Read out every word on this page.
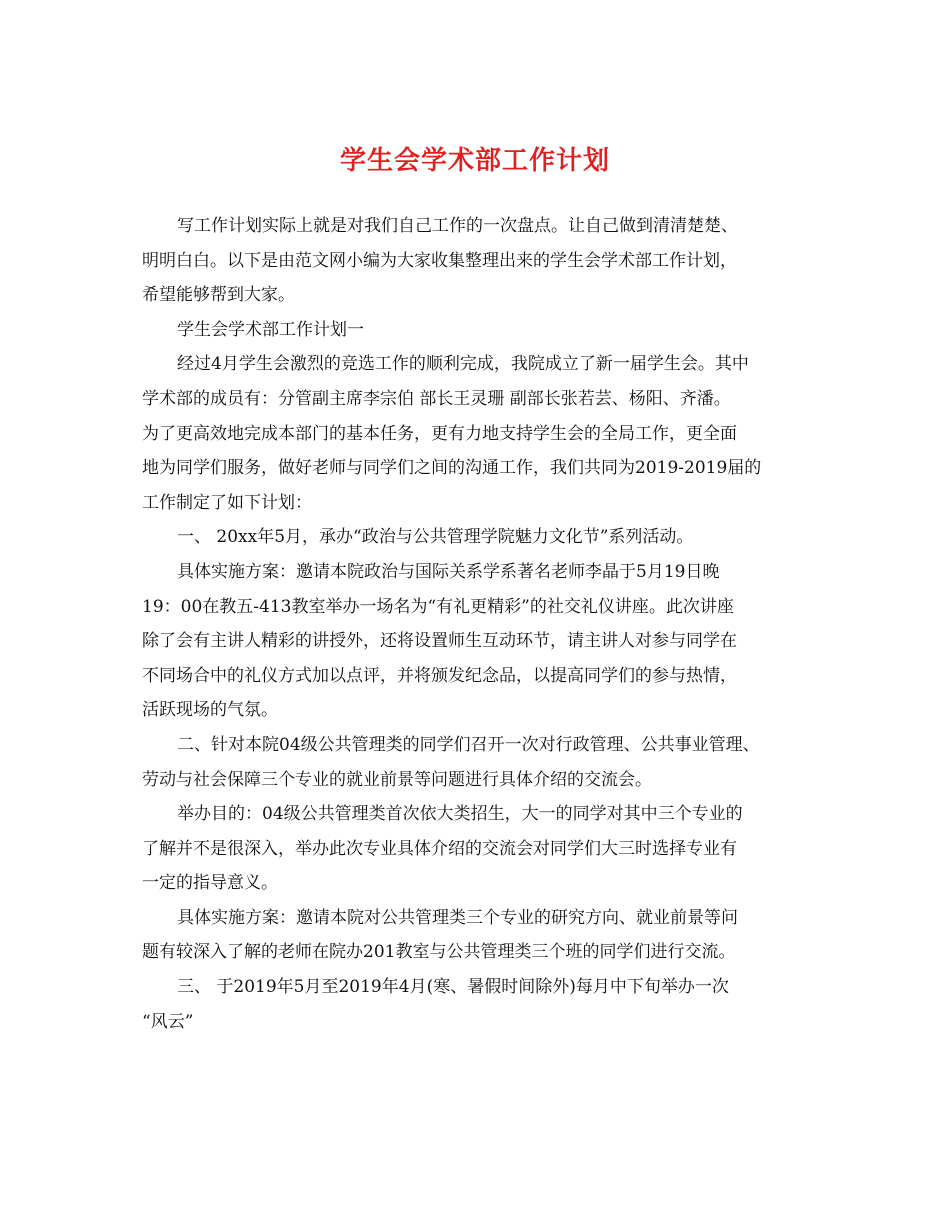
学生会学术部工作计划
写工作计划实际上就是对我们自己工作的一次盘点。让自己做到清清楚楚、
明明白白。以下是由范文网小编为大家收集整理出来的学生会学术部工作计划，
希望能够帮到大家。
学生会学术部工作计划一
经过4月学生会激烈的竞选工作的顺利完成，我院成立了新一届学生会。其中
学术部的成员有：分管副主席李宗伯 部长王灵珊 副部长张若芸、杨阳、齐潘。
为了更高效地完成本部门的基本任务，更有力地支持学生会的全局工作，更全面
地为同学们服务，做好老师与同学们之间的沟通工作，我们共同为2019-2019届的
工作制定了如下计划：
一、 20xx年5月，承办“政治与公共管理学院魅力文化节”系列活动。
具体实施方案：邀请本院政治与国际关系学系著名老师李晶于5月19日晚
19：00在教五-413教室举办一场名为“有礼更精彩”的社交礼仪讲座。此次讲座
除了会有主讲人精彩的讲授外，还将设置师生互动环节，请主讲人对参与同学在
不同场合中的礼仪方式加以点评，并将颁发纪念品，以提高同学们的参与热情，
活跃现场的气氛。
二、针对本院04级公共管理类的同学们召开一次对行政管理、公共事业管理、
劳动与社会保障三个专业的就业前景等问题进行具体介绍的交流会。
举办目的：04级公共管理类首次依大类招生，大一的同学对其中三个专业的
了解并不是很深入，举办此次专业具体介绍的交流会对同学们大三时选择专业有
一定的指导意义。
具体实施方案：邀请本院对公共管理类三个专业的研究方向、就业前景等问
题有较深入了解的老师在院办201教室与公共管理类三个班的同学们进行交流。
三、 于2019年5月至2019年4月(寒、暑假时间除外)每月中下旬举办一次
“风云”
